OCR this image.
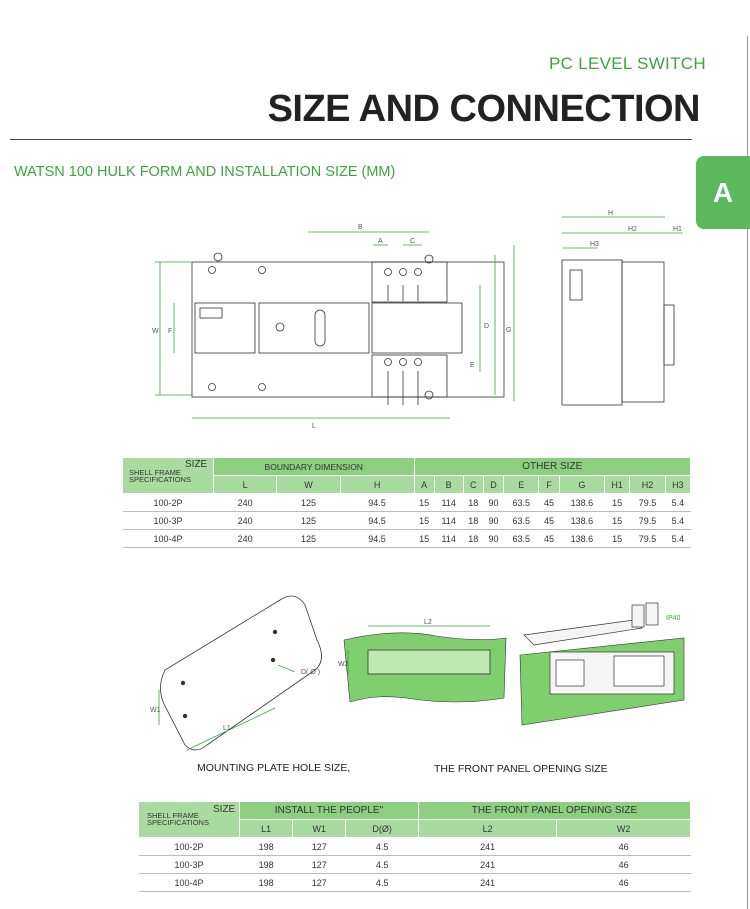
PC LEVEL SWITCH
SIZE AND CONNECTION
A
WATSN 100 HULK FORM AND INSTALLATION SIZE (MM)
W F
L
B
A	C
D
E
G
H
H2	H1
H3
SIZE
SHELL FRAME SPECIFICATIONS	BOUNDARY DIMENSION			OTHER SIZE									
	L	W	H	A	B	C	D	E	F	G	H1	H2	H3
100-2P	240	125	94.5	15	114	18	90	63.5	45	138.6	15	79.5	5.4
100-3P	240	125	94.5	15	114	18	90	63.5	45	138.6	15	79.5	5.4
100-4P	240	125	94.5	15	114	18	90	63.5	45	138.6	15	79.5	5.4
W1
L1
D( Ø )
MOUNTING PLATE HOLE SIZE,
L2
W2
THE FRONT PANEL OPENING SIZE
IP40
SIZE
SHELL FRAME SPECIFICATIONS	INSTALL THE PEOPLE"			THE FRONT PANEL OPENING SIZE	
	L1	W1	D(Ø)	L2	W2
100-2P	198	127	4.5	241	46
100-3P	198	127	4.5	241	46
100-4P	198	127	4.5	241	46
